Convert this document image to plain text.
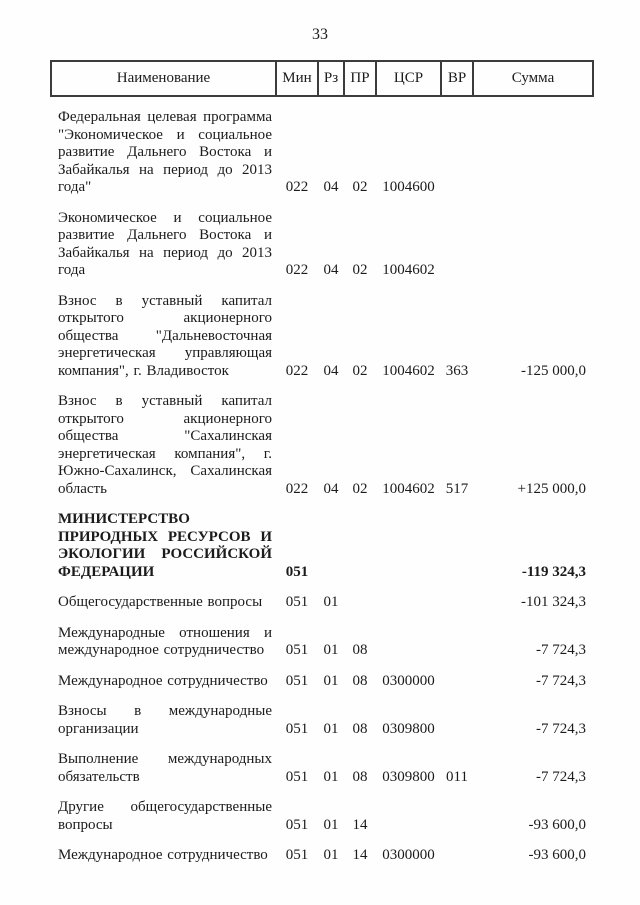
33
Наименование	Мин	Рз	ПР	ЦСР	ВР	Сумма
Федеральная целевая программа "Экономическое и социальное развитие Дальнего Востока и Забайкалья на период до 2013 года"	022	04	02	1004600		
Экономическое и социальное развитие Дальнего Востока и Забайкалья на период до 2013 года	022	04	02	1004602		
Взнос в уставный капитал открытого акционерного общества "Дальневосточная энергетическая управляющая компания", г. Владивосток	022	04	02	1004602	363	-125 000,0
Взнос в уставный капитал открытого акционерного общества "Сахалинская энергетическая компания", г. Южно-Сахалинск, Сахалинская область	022	04	02	1004602	517	+125 000,0
МИНИСТЕРСТВО ПРИРОДНЫХ РЕСУРСОВ И ЭКОЛОГИИ РОССИЙСКОЙ ФЕДЕРАЦИИ	051					-119 324,3
Общегосударственные вопросы	051	01				-101 324,3
Международные отношения и международное сотрудничество	051	01	08			-7 724,3
Международное сотрудничество	051	01	08	0300000		-7 724,3
Взносы в международные организации	051	01	08	0309800		-7 724,3
Выполнение международных обязательств	051	01	08	0309800	011	-7 724,3
Другие общегосударственные вопросы	051	01	14			-93 600,0
Международное сотрудничество	051	01	14	0300000		-93 600,0
